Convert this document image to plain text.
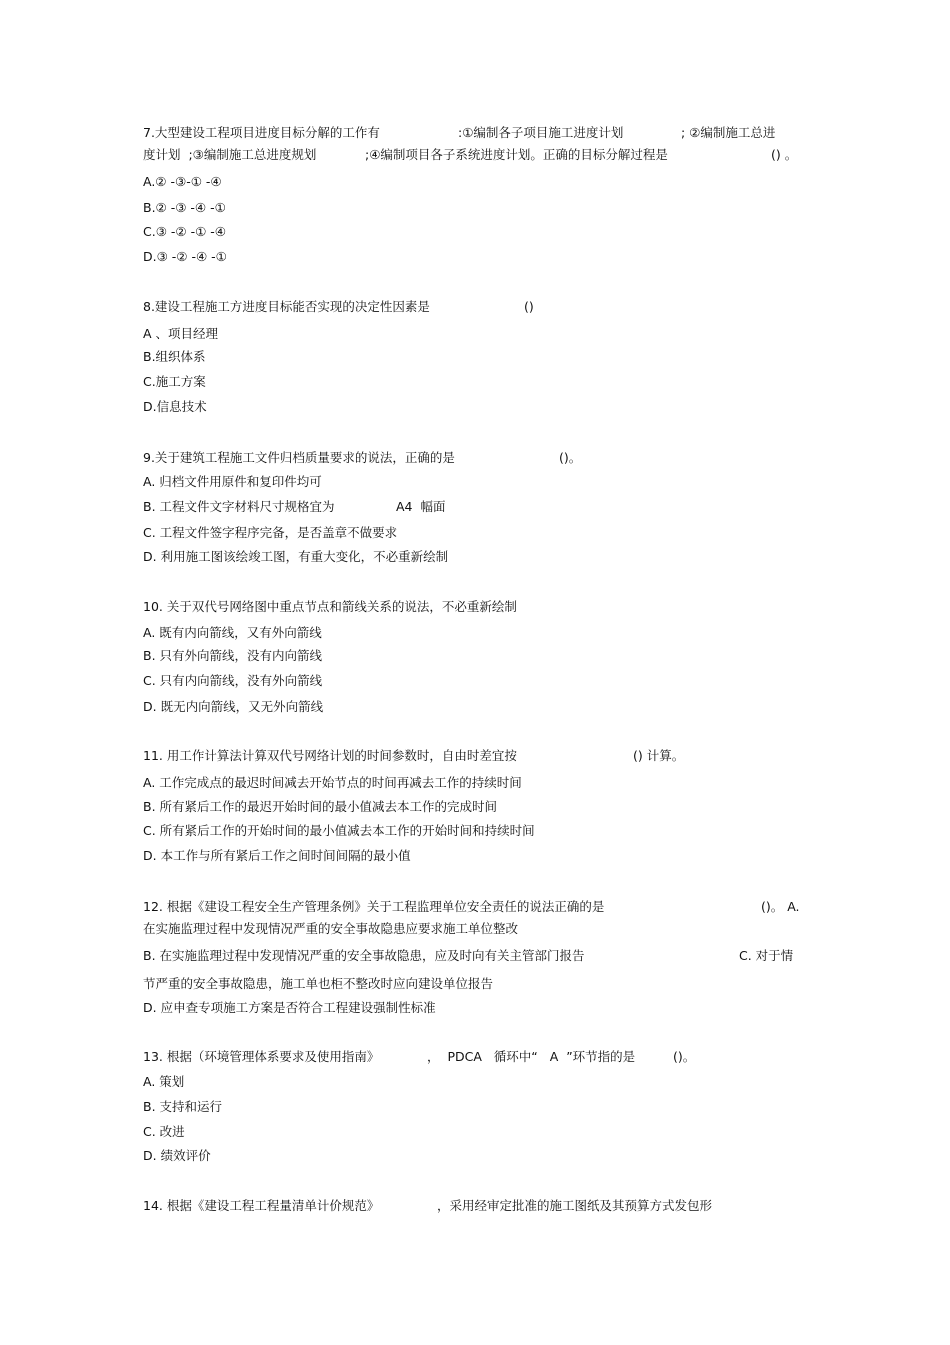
7.大型建设工程项目进度目标分解的工作有

	:①编制各子项目施工进度计划

	; ②编制施工总进

度计划  ;③编制施工总进度规划

	;④编制项目各子系统进度计划。正确的目标分解过程是

	() 。

A.② -③-① -④
B.② -③ -④ -①
C.③ -② -① -④
D.③ -② -④ -①

8.建设工程施工方进度目标能否实现的决定性因素是

	()

A 、项目经理
B.组织体系
C.施工方案
D.信息技术

9.关于建筑工程施工文件归档质量要求的说法，正确的是

	()。

A. 归档文件用原件和复印件均可

B. 工程文件文字材料尺寸规格宜为

	A4  幅面

C. 工程文件签字程序完备，是否盖章不做要求
D. 利用施工图该绘竣工图，有重大变化，不必重新绘制
10. 关于双代号网络图中重点节点和箭线关系的说法，不必重新绘制
A. 既有内向箭线，又有外向箭线
B. 只有外向箭线，没有内向箭线
C. 只有内向箭线，没有外向箭线
D. 既无内向箭线，又无外向箭线

11. 用工作计算法计算双代号网络计划的时间参数时，自由时差宜按

	() 计算。

A. 工作完成点的最迟时间减去开始节点的时间再减去工作的持续时间
B. 所有紧后工作的最迟开始时间的最小值减去本工作的完成时间
C. 所有紧后工作的开始时间的最小值减去本工作的开始时间和持续时间
D. 本工作与所有紧后工作之间时间间隔的最小值

12. 根据《建设工程安全生产管理条例》关于工程监理单位安全责任的说法正确的是

	()。 A.

在实施监理过程中发现情况严重的安全事故隐患应要求施工单位整改

B. 在实施监理过程中发现情况严重的安全事故隐患，应及时向有关主管部门报告

	C. 对于情

节严重的安全事故隐患，施工单也柜不整改时应向建设单位报告
D. 应申查专项施工方案是否符合工程建设强制性标准

13. 根据（环境管理体系要求及使用指南》

	，  PDCA   循环中“   A  ”环节指的是

	()。

A. 策划
B. 支持和运行
C. 改进
D. 绩效评价

14. 根据《建设工程工程量清单计价规范》

	，采用经审定批准的施工图纸及其预算方式发包形
